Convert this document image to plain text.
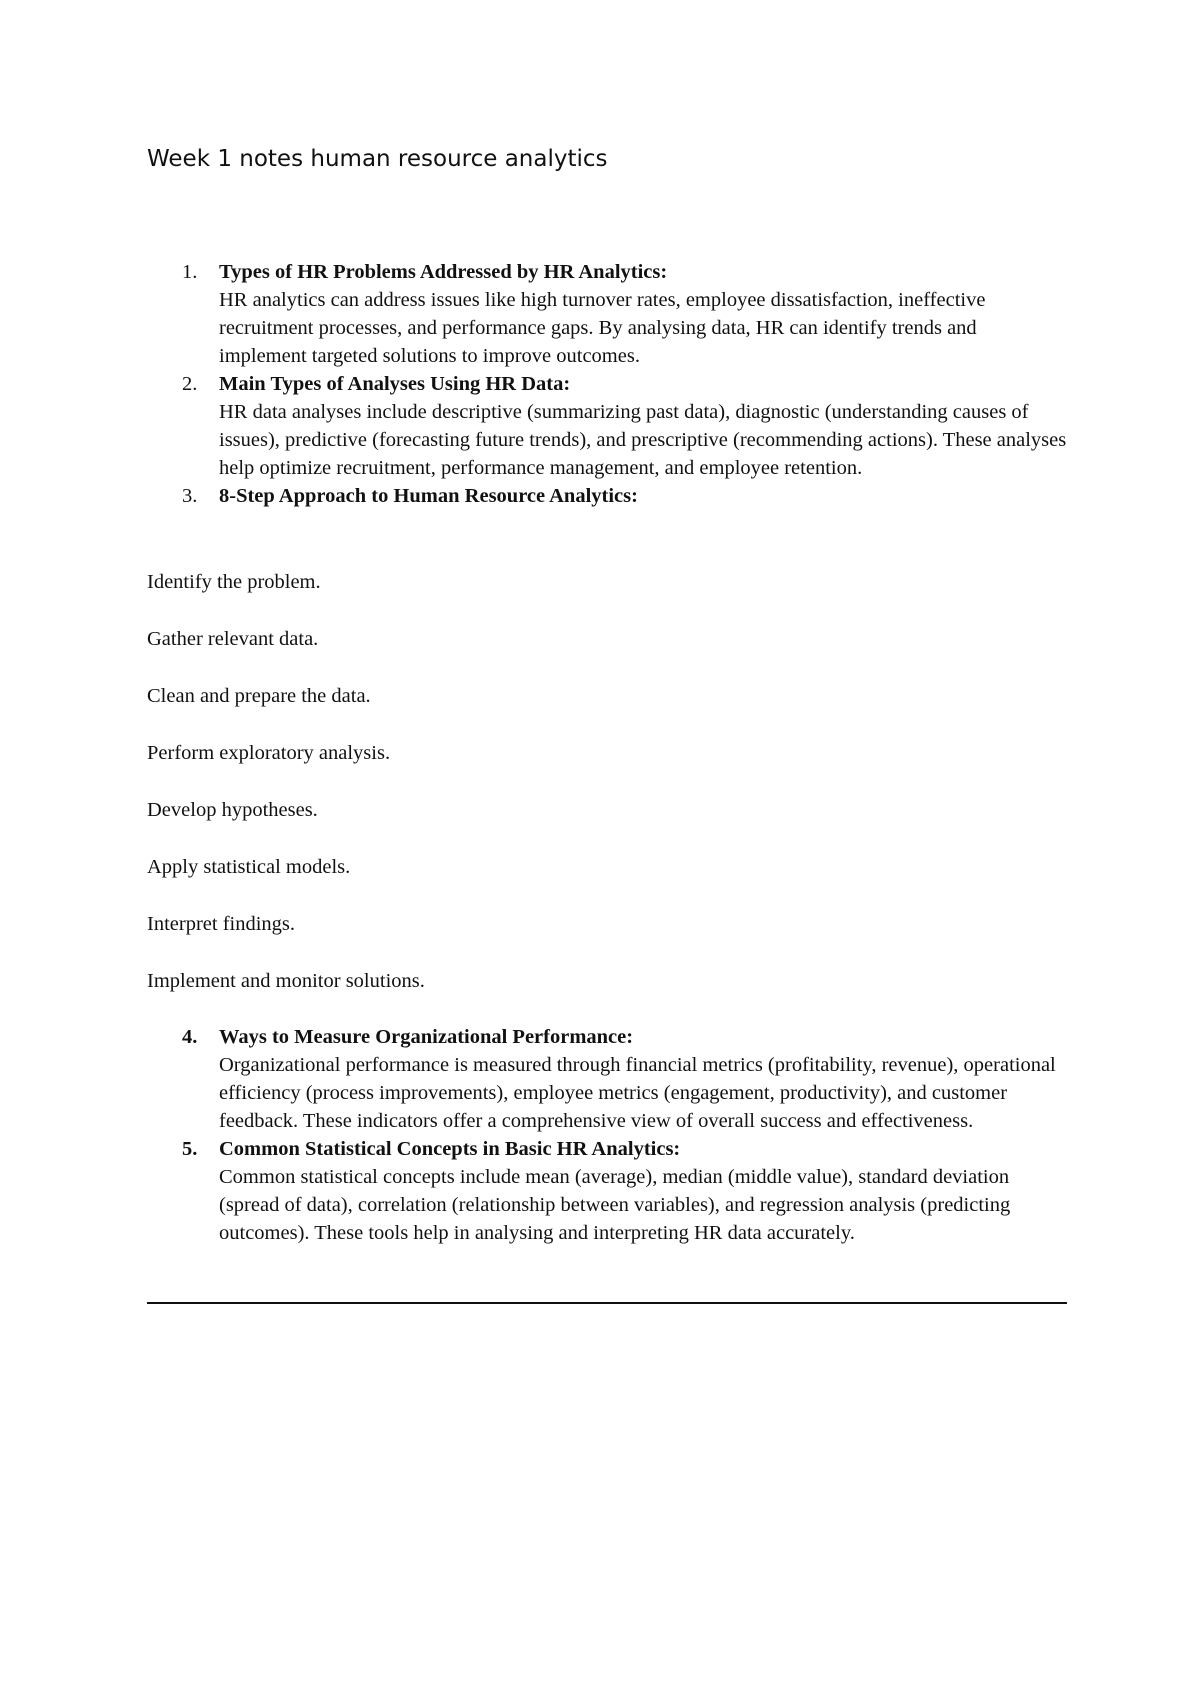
Week 1 notes human resource analytics
1. Types of HR Problems Addressed by HR Analytics:
HR analytics can address issues like high turnover rates, employee dissatisfaction, ineffective recruitment processes, and performance gaps. By analysing data, HR can identify trends and implement targeted solutions to improve outcomes.
2. Main Types of Analyses Using HR Data:
HR data analyses include descriptive (summarizing past data), diagnostic (understanding causes of issues), predictive (forecasting future trends), and prescriptive (recommending actions). These analyses help optimize recruitment, performance management, and employee retention.
3. 8-Step Approach to Human Resource Analytics:
Identify the problem.
Gather relevant data.
Clean and prepare the data.
Perform exploratory analysis.
Develop hypotheses.
Apply statistical models.
Interpret findings.
Implement and monitor solutions.
4. Ways to Measure Organizational Performance:
Organizational performance is measured through financial metrics (profitability, revenue), operational efficiency (process improvements), employee metrics (engagement, productivity), and customer feedback. These indicators offer a comprehensive view of overall success and effectiveness.
5. Common Statistical Concepts in Basic HR Analytics:
Common statistical concepts include mean (average), median (middle value), standard deviation (spread of data), correlation (relationship between variables), and regression analysis (predicting outcomes). These tools help in analysing and interpreting HR data accurately.
